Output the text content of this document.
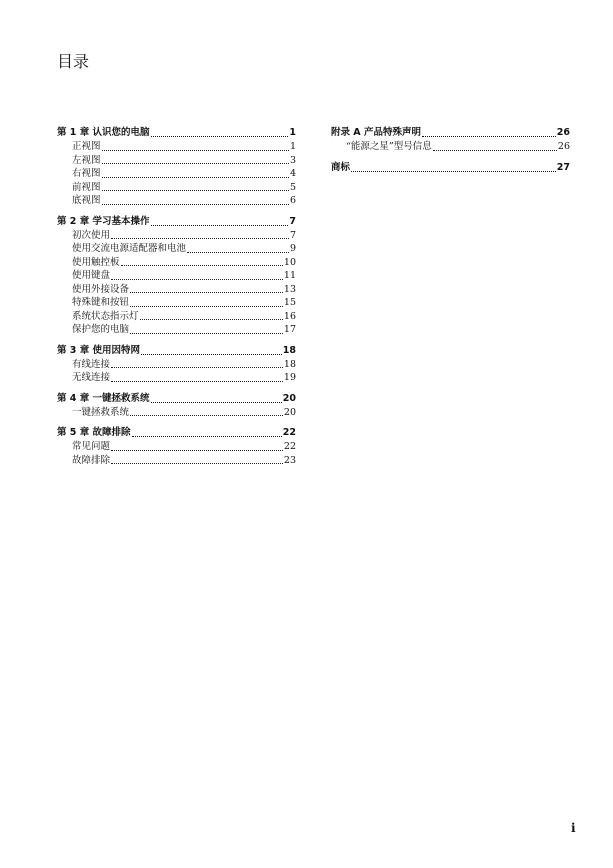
目录
第 1 章 认识您的电脑	1
正视图	1
左视图	3
右视图	4
前视图	5
底视图	6
第 2 章 学习基本操作	7
初次使用	7
使用交流电源适配器和电池	9
使用触控板	10
使用键盘	11
使用外接设备	13
特殊键和按钮	15
系统状态指示灯	16
保护您的电脑	17
第 3 章 使用因特网	18
有线连接	18
无线连接	19
第 4 章 一键拯救系统	20
一键拯救系统	20
第 5 章 故障排除	22
常见问题	22
故障排除	23
附录 A 产品特殊声明	26
“能源之星”型号信息	26
商标	27
i
